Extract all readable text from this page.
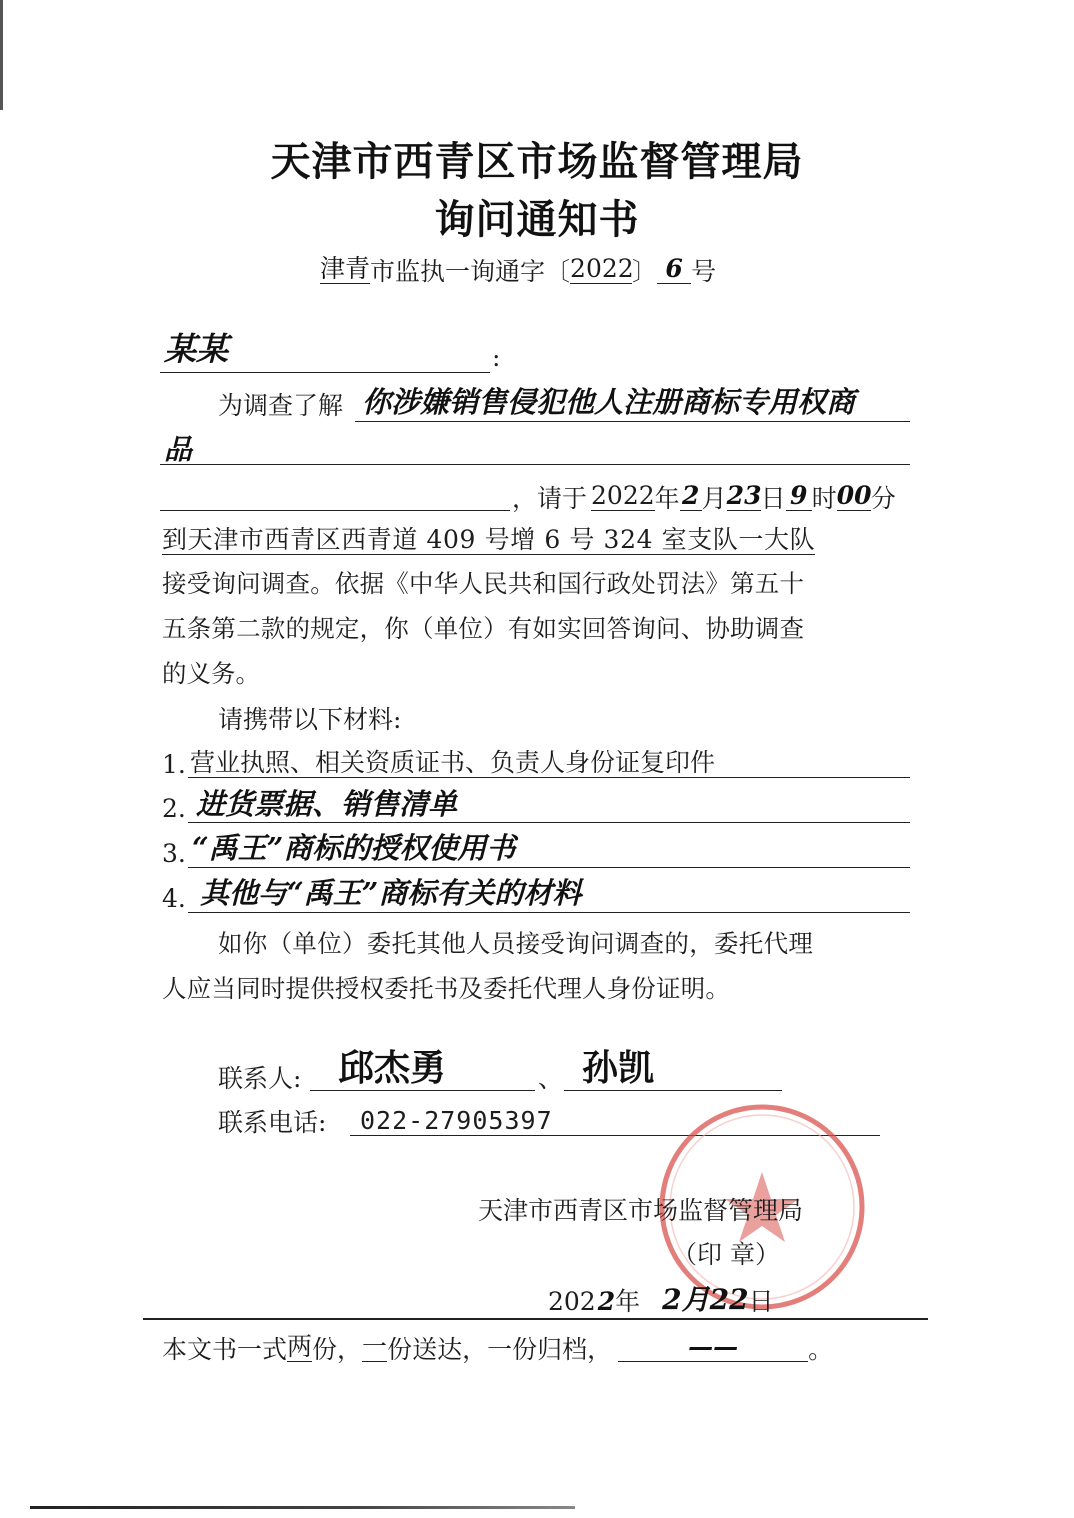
天津市西青区市场监督管理局
询问通知书
津青 市监执一询通字 〔 2022
〕 6 号
某某	:
为调查了解 你涉嫌销售侵犯他人注册商标专用权商
品
，请于 2022 年 2 月 23 日 9 时 00 分
到天津市西青区西青道 409 号增 6 号 324 室支队一大队
接受询问调查。依据《中华人民共和国行政处罚法》第五十
五条第二款的规定，你（单位）有如实回答询问、协助调查
的义务。
请携带以下材料:
1. 营业执照、相关资质证书、负责人身份证复印件
2. 进货票据、销售清单
3. “禹王”商标的授权使用书
4. 其他与“禹王”商标有关的材料
如你（单位）委托其他人员接受询问调查的，委托代理
人应当同时提供授权委托书及委托代理人身份证明。
联系人: 邱杰勇	、 孙凯
联系电话: 022-27905397
天津市西青区市场监督管理局
（印 章）
202 2 年 2 月 22 日
本文书一式 两 份， 一 份送达，一份归档，	——	。
